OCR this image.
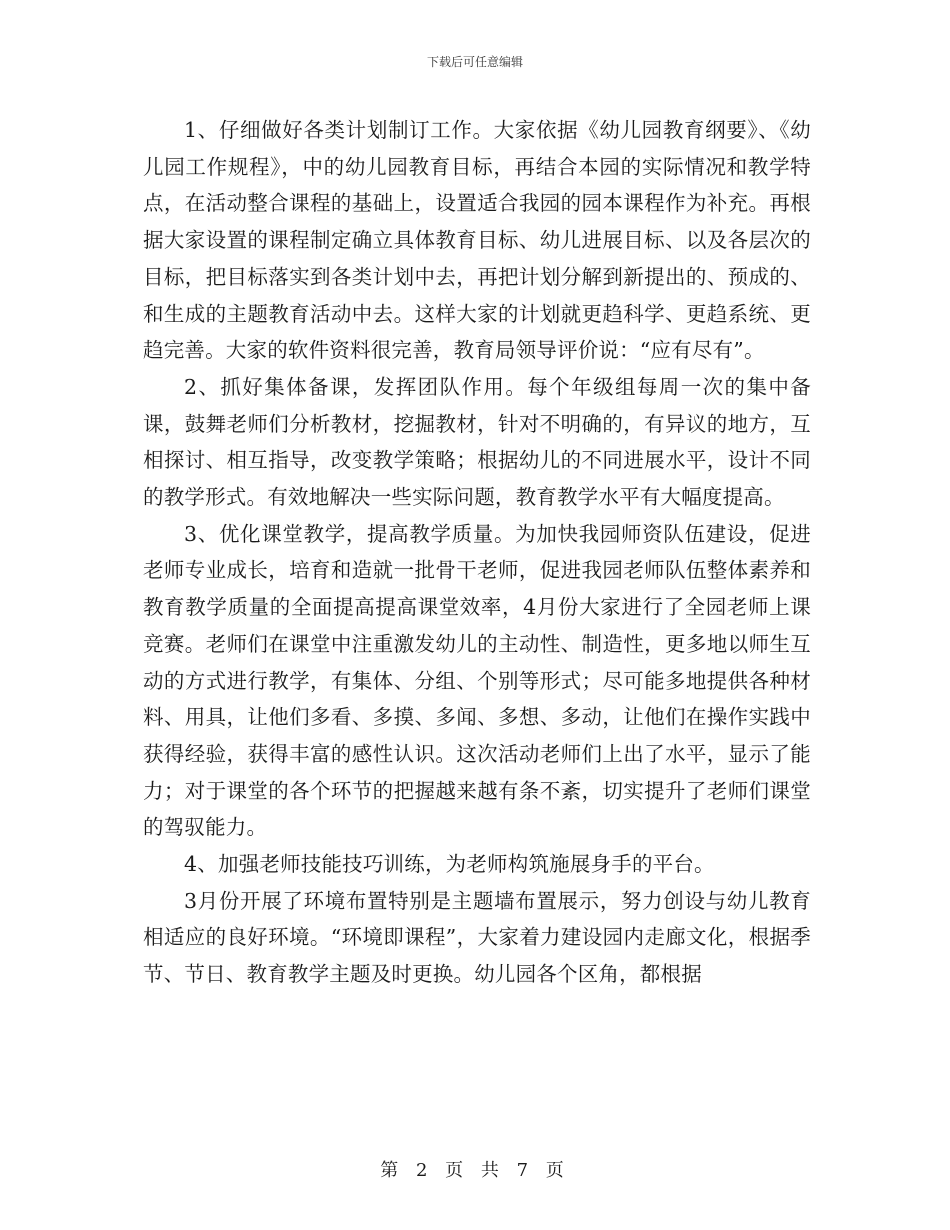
下载后可任意编辑

1、仔细做好各类计划制订工作。大家依据《幼儿园教育纲要》、《幼儿园工作规程》，中的幼儿园教育目标，再结合本园的实际情况和教学特点，在活动整合课程的基础上，设置适合我园的园本课程作为补充。再根据大家设置的课程制定确立具体教育目标、幼儿进展目标、以及各层次的目标，把目标落实到各类计划中去，再把计划分解到新提出的、预成的、和生成的主题教育活动中去。这样大家的计划就更趋科学、更趋系统、更趋完善。大家的软件资料很完善，教育局领导评价说：“应有尽有”。

2、抓好集体备课，发挥团队作用。每个年级组每周一次的集中备课，鼓舞老师们分析教材，挖掘教材，针对不明确的，有异议的地方，互相探讨、相互指导，改变教学策略；根据幼儿的不同进展水平，设计不同的教学形式。有效地解决一些实际问题，教育教学水平有大幅度提高。

3、优化课堂教学，提高教学质量。为加快我园师资队伍建设，促进老师专业成长，培育和造就一批骨干老师，促进我园老师队伍整体素养和教育教学质量的全面提高提高课堂效率，4月份大家进行了全园老师上课竞赛。老师们在课堂中注重激发幼儿的主动性、制造性，更多地以师生互动的方式进行教学，有集体、分组、个别等形式；尽可能多地提供各种材料、用具，让他们多看、多摸、多闻、多想、多动，让他们在操作实践中获得经验，获得丰富的感性认识。这次活动老师们上出了水平，显示了能力；对于课堂的各个环节的把握越来越有条不紊，切实提升了老师们课堂的驾驭能力。

4、加强老师技能技巧训练，为老师构筑施展身手的平台。

3月份开展了环境布置特别是主题墙布置展示，努力创设与幼儿教育相适应的良好环境。“环境即课程”，大家着力建设园内走廊文化，根据季节、节日、教育教学主题及时更换。幼儿园各个区角，都根据

第 2 页 共 7 页
